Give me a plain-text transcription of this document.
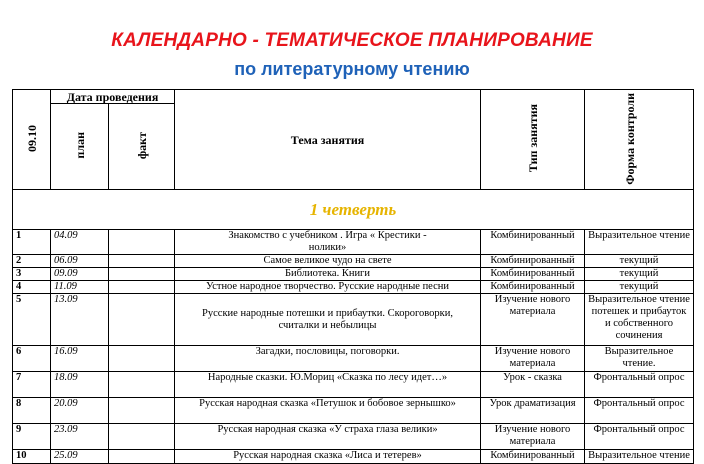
КАЛЕНДАРНО - ТЕМАТИЧЕСКОЕ ПЛАНИРОВАНИЕ
по литературному чтению
09.10	Дата проведения		Тема занятия	Тип занятия	Форма контроли
	план	факт			
1 четверть					
1	04.09		Знакомство с учебником . Игра « Крестики - нолики»	Комбинированный	Выразительное чтение
2	06.09		Самое великое чудо на свете	Комбинированный	текущий
3	09.09		Библиотека. Книги	Комбинированный	текущий
4	11.09		Устное народное творчество. Русские народные песни	Комбинированный	текущий
5	13.09		Русские народные потешки и прибаутки. Скороговорки, считалки и небылицы	Изучение нового материала	Выразительное чтение потешек и прибауток и собственного сочинения
6	16.09		Загадки, пословицы, поговорки.	Изучение нового материала	Выразительное чтение.
7	18.09		Народные сказки. Ю.Мориц «Сказка по лесу идет…»	Урок - сказка	Фронтальный опрос
8	20.09		Русская народная сказка «Петушок и бобовое зернышко»	Урок драматизация	Фронтальный опрос
9	23.09		Русская народная сказка «У страха глаза велики»	Изучение нового материала	Фронтальный опрос
10	25.09		Русская народная сказка «Лиса и тетерев»	Комбинированный	Выразительное чтение
